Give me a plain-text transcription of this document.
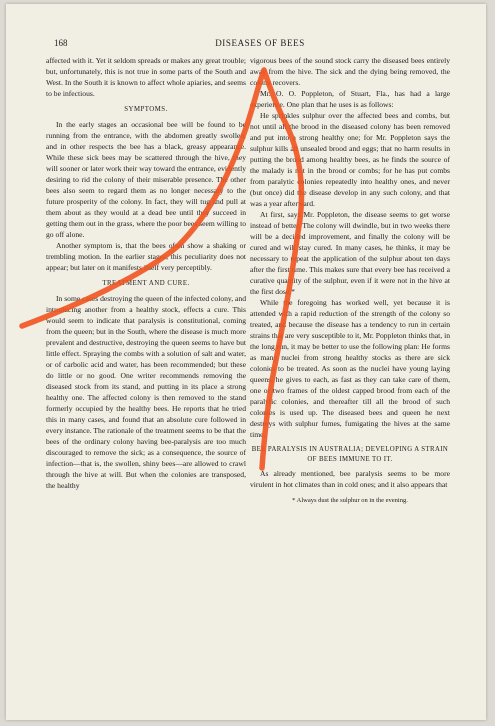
168	DISEASES OF BEES

affected with it. Yet it seldom spreads or makes any great trouble; but, unfortunately, this is not true in some parts of the South and West. In the South it is known to affect whole apiaries, and seems to be infectious.

SYMPTOMS.

In the early stages an occasional bee will be found to be running from the entrance, with the abdomen greatly swollen, and in other respects the bee has a black, greasy appearance. While these sick bees may be scattered through the hive, they will sooner or later work their way toward the entrance, evidently desiring to rid the colony of their miserable presence. The other bees also seem to regard them as no longer necessary to the future prosperity of the colony. In fact, they will tug and pull at them about as they would at a dead bee until they succeed in getting them out in the grass, where the poor bees seem willing to go off alone.

Another symptom is, that the bees often show a shaking or trembling motion. In the earlier stages, this peculiarity does not appear; but later on it manifests itself very perceptibly.

TREATMENT AND CURE.

In some cases destroying the queen of the infected colony, and introducing another from a healthy stock, effects a cure. This would seem to indicate that paralysis is constitutional, coming from the queen; but in the South, where the disease is much more prevalent and destructive, destroying the queen seems to have but little effect. Spraying the combs with a solution of salt and water, or of carbolic acid and water, has been recommended; but these do little or no good. One writer recommends removing the diseased stock from its stand, and putting in its place a strong healthy one. The affected colony is then removed to the stand formerly occupied by the healthy bees. He reports that he tried this in many cases, and found that an absolute cure followed in every instance. The rationale of the treatment seems to be that the bees of the ordinary colony having bee-paralysis are too much discouraged to remove the sick; as a consequence, the source of infection—that is, the swollen, shiny bees—are allowed to crawl through the hive at will. But when the colonies are transposed, the healthy

vigorous bees of the sound stock carry the diseased bees entirely away from the hive. The sick and the dying being removed, the colony recovers.

Mr. O. O. Poppleton, of Stuart, Fla., has had a large experience. One plan that he uses is as follows:

He sprinkles sulphur over the affected bees and combs, but not until all the brood in the diseased colony has been removed and put into a strong healthy one; for Mr. Poppleton says the sulphur kills all unsealed brood and eggs; that no harm results in putting the brood among healthy bees, as he finds the source of the malady is not in the brood or combs; for he has put combs from paralytic colonies repeatedly into healthy ones, and never (but once) did the disease develop in any such colony, and that was a year afterward.

At first, says Mr. Poppleton, the disease seems to get worse instead of better. The colony will dwindle, but in two weeks there will be a decided improvement, and finally the colony will be cured and will stay cured. In many cases, he thinks, it may be necessary to repeat the application of the sulphur about ten days after the first time. This makes sure that every bee has received a curative quantity of the sulphur, even if it were not in the hive at the first dose.*

While the foregoing has worked well, yet because it is attended with a rapid reduction of the strength of the colony so treated, and because the disease has a tendency to run in certain strains that are very susceptible to it, Mr. Poppleton thinks that, in the long run, it may be better to use the following plan: He forms as many nuclei from strong healthy stocks as there are sick colonies to be treated. As soon as the nuclei have young laying queens, he gives to each, as fast as they can take care of them, one or two frames of the oldest capped brood from each of the paralytic colonies, and thereafter till all the brood of such colonies is used up. The diseased bees and queen he next destroys with sulphur fumes, fumigating the hives at the same time.

BEE PARALYSIS IN AUSTRALIA; DEVELOPING A STRAIN OF BEES IMMUNE TO IT.

As already mentioned, bee paralysis seems to be more virulent in hot climates than in cold ones; and it also appears that

* Always dust the sulphur on in the evening.
